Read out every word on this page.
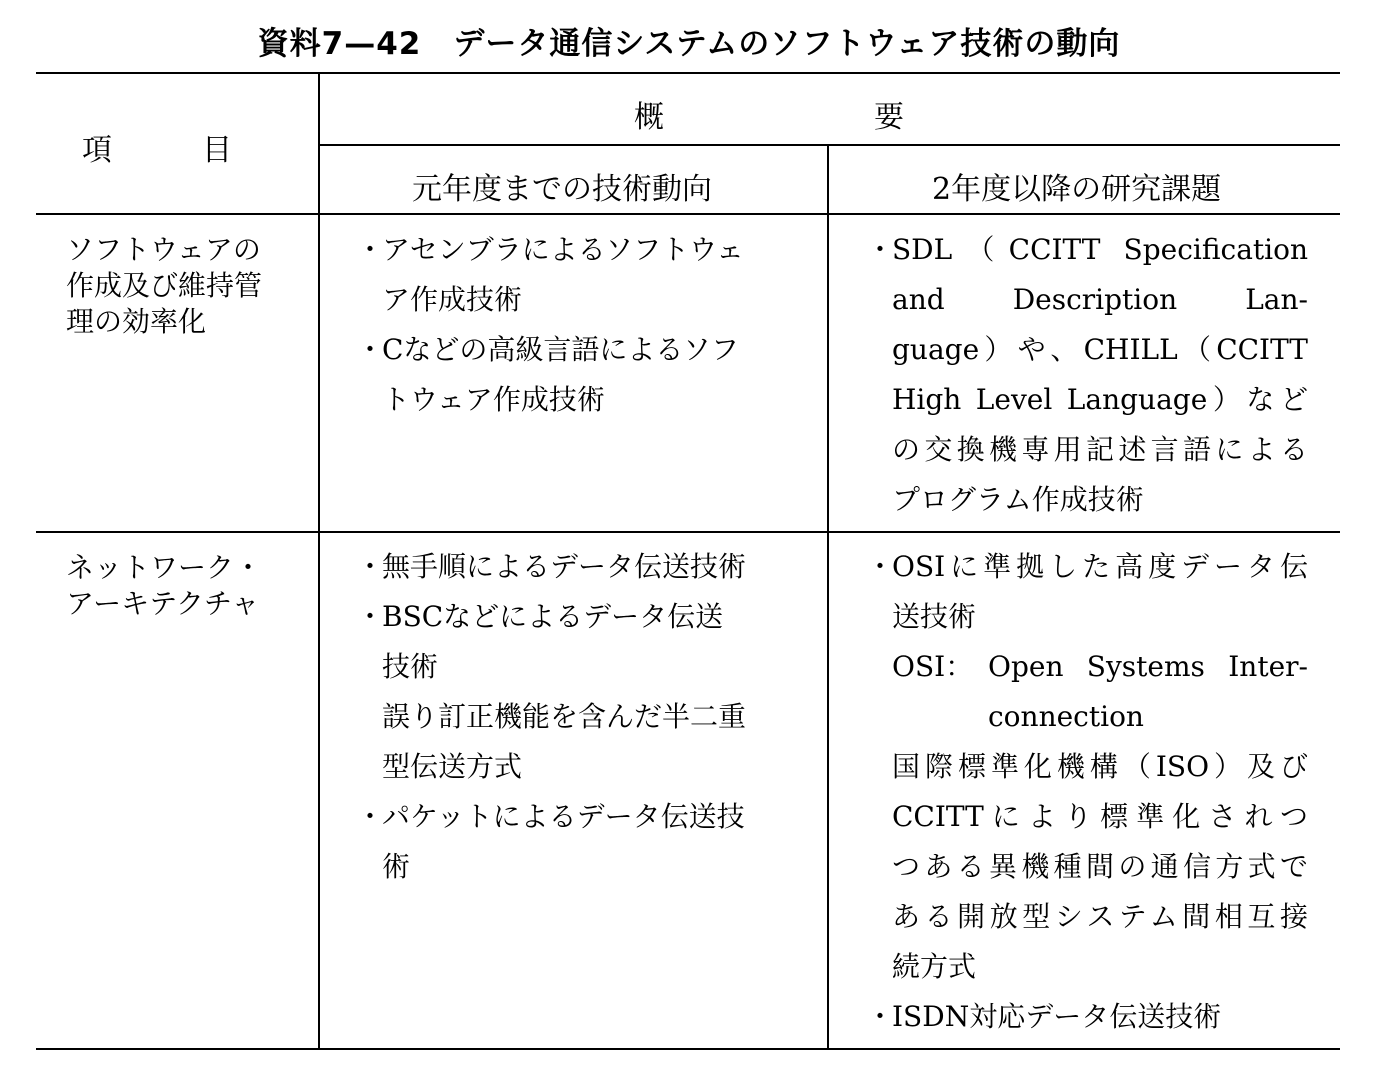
資料7—42　データ通信システムのソフトウェア技術の動向
項　　　目
概　　　　　　　要
元年度までの技術動向	2年度以降の研究課題
ソフトウェアの
作成及び維持管
理の効率化
・
アセンブラによるソフトウェ
ア作成技術
・
Cなどの高級言語によるソフ
トウェア作成技術
・
SDL（CCITT Specification
and　Description　Lan-
guage）や、CHILL（CCITT
High Level Language）など
の交換機専用記述言語による
プログラム作成技術
ネットワーク・
アーキテクチャ
・
無手順によるデータ伝送技術
・
BSCなどによるデータ伝送
技術
誤り訂正機能を含んだ半二重
型伝送方式
・
パケットによるデータ伝送技
術
・
OSIに準拠した高度データ伝
送技術
OSI： Open Systems Inter-
connection
国際標準化機構（ISO）及び
CCITTにより標準化されつ
つある異機種間の通信方式で
ある開放型システム間相互接
続方式
・
ISDN対応データ伝送技術
